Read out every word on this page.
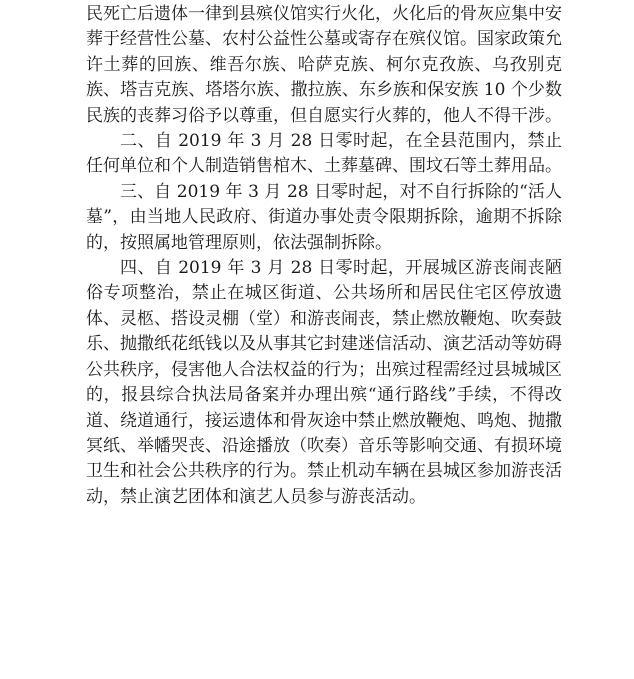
民死亡后遗体一律到县殡仪馆实行火化，火化后的骨灰应集中安葬于经营性公墓、农村公益性公墓或寄存在殡仪馆。国家政策允许土葬的回族、维吾尔族、哈萨克族、柯尔克孜族、乌孜别克族、塔吉克族、塔塔尔族、撒拉族、东乡族和保安族 10 个少数民族的丧葬习俗予以尊重，但自愿实行火葬的，他人不得干涉。

二、自 2019 年 3 月 28 日零时起，在全县范围内，禁止任何单位和个人制造销售棺木、土葬墓碑、围坟石等土葬用品。

三、自 2019 年 3 月 28 日零时起，对不自行拆除的“活人墓”，由当地人民政府、街道办事处责令限期拆除，逾期不拆除的，按照属地管理原则，依法强制拆除。

四、自 2019 年 3 月 28 日零时起，开展城区游丧闹丧陋俗专项整治，禁止在城区街道、公共场所和居民住宅区停放遗体、灵柩、搭设灵棚（堂）和游丧闹丧，禁止燃放鞭炮、吹奏鼓乐、抛撒纸花纸钱以及从事其它封建迷信活动、演艺活动等妨碍公共秩序，侵害他人合法权益的行为；出殡过程需经过县城城区的，报县综合执法局备案并办理出殡“通行路线”手续，不得改道、绕道通行，接运遗体和骨灰途中禁止燃放鞭炮、鸣炮、抛撒冥纸、举幡哭丧、沿途播放（吹奏）音乐等影响交通、有损环境卫生和社会公共秩序的行为。禁止机动车辆在县城区参加游丧活动，禁止演艺团体和演艺人员参与游丧活动。
